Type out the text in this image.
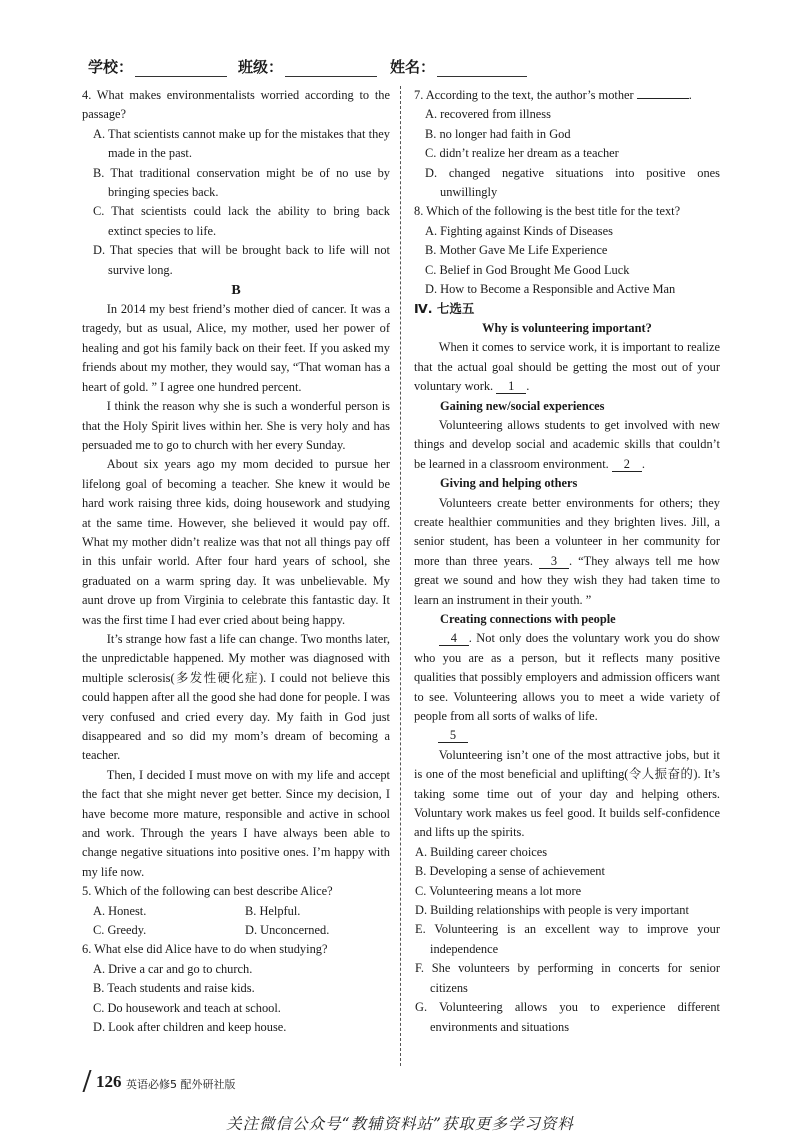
学校：	班级：	姓名：

4. What makes environmentalists worried according to the passage?

A. That scientists cannot make up for the mistakes that they made in the past.

B. That traditional conservation might be of no use by bringing species back.

C. That scientists could lack the ability to bring back extinct species to life.

D. That species that will be brought back to life will not survive long.

B

In 2014 my best friend’s mother died of cancer. It was a tragedy, but as usual, Alice, my mother, used her power of healing and got his family back on their feet. If you asked my friends about my mother, they would say, “That woman has a heart of gold. ” I agree one hundred percent.

I think the reason why she is such a wonderful person is that the Holy Spirit lives within her. She is very holy and has persuaded me to go to church with her every Sunday.

About six years ago my mom decided to pursue her lifelong goal of becoming a teacher. She knew it would be hard work raising three kids, doing housework and studying at the same time. However, she believed it would pay off. What my mother didn’t realize was that not all things pay off in this unfair world. After four hard years of school, she graduated on a warm spring day. It was unbelievable. My aunt drove up from Virginia to celebrate this fantastic day. It was the first time I had ever cried about being happy.

It’s strange how fast a life can change. Two months later, the unpredictable happened. My mother was diagnosed with multiple sclerosis(多发性硬化症). I could not believe this could happen after all the good she had done for people. I was very confused and cried every day. My faith in God just disappeared and so did my mom’s dream of becoming a teacher.

Then, I decided I must move on with my life and accept the fact that she might never get better. Since my decision, I have become more mature, responsible and active in school and work. Through the years I have always been able to change negative situations into positive ones. I’m happy with my life now.

5. Which of the following can best describe Alice?

A. Honest.	B. Helpful.
C. Greedy.	D. Unconcerned.

6. What else did Alice have to do when studying?

A. Drive a car and go to church.

B. Teach students and raise kids.

C. Do housework and teach at school.

D. Look after children and keep house.

7. According to the text, the author’s mother	.

A. recovered from illness

B. no longer had faith in God

C. didn’t realize her dream as a teacher

D. changed negative situations into positive ones unwillingly

8. Which of the following is the best title for the text?

A. Fighting against Kinds of Diseases

B. Mother Gave Me Life Experience

C. Belief in God Brought Me Good Luck

D. How to Become a Responsible and Active Man

Ⅳ. 七选五

Why is volunteering important?

When it comes to service work, it is important to realize that the actual goal should be getting the most out of your voluntary work. 1 .

Gaining new/social experiences

Volunteering allows students to get involved with new things and develop social and academic skills that couldn’t be learned in a classroom environment. 2 .

Giving and helping others

Volunteers create better environments for others; they create healthier communities and they brighten lives. Jill, a senior student, has been a volunteer in her community for more than three years. 3 . “They always tell me how great we sound and how they wish they had taken time to learn an instrument in their youth. ”

Creating connections with people

4 . Not only does the voluntary work you do show who you are as a person, but it reflects many positive qualities that possibly employers and admission officers want to see. Volunteering allows you to meet a wide variety of people from all sorts of walks of life.

5

Volunteering isn’t one of the most attractive jobs, but it is one of the most beneficial and uplifting(令人振奋的). It’s taking some time out of your day and helping others. Voluntary work makes us feel good. It builds self-confidence and lifts up the spirits.

A. Building career choices

B. Developing a sense of achievement

C. Volunteering means a lot more

D. Building relationships with people is very important

E. Volunteering is an excellent way to improve your independence

F. She volunteers by performing in concerts for senior citizens

G. Volunteering allows you to experience different environments and situations

126 英语必修5 配外研社版
关注微信公众号“教辅资料站”获取更多学习资料
